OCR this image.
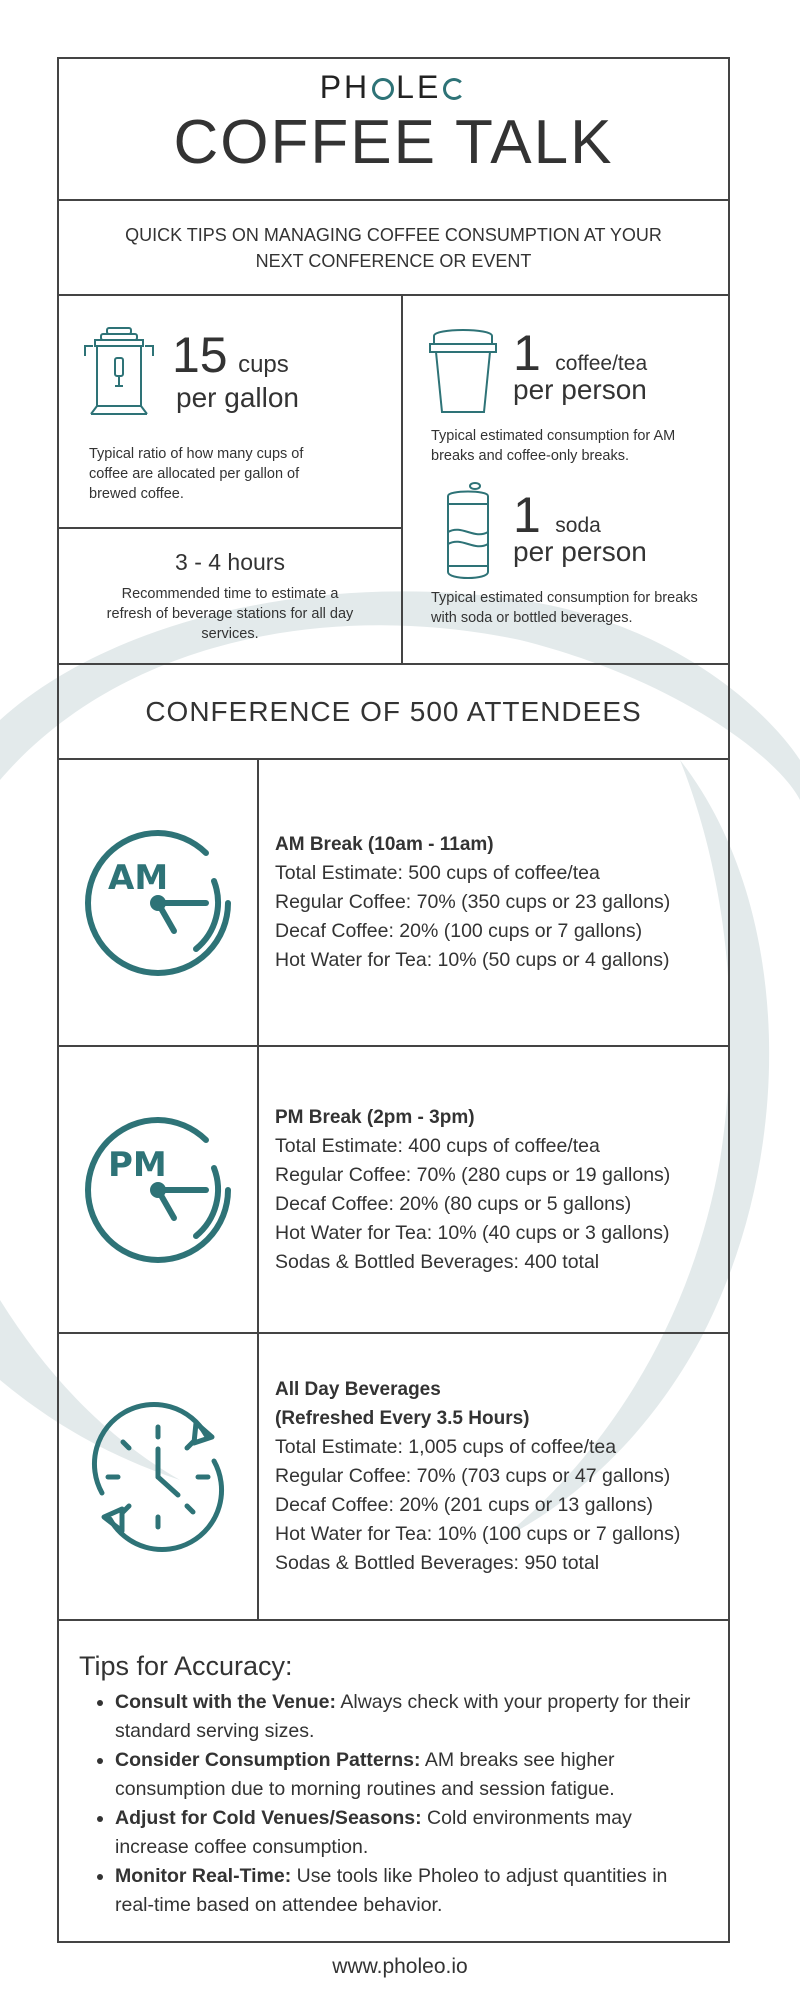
PH LE
COFFEE TALK

QUICK TIPS ON MANAGING COFFEE CONSUMPTION AT YOUR NEXT CONFERENCE OR EVENT

15 cups
per gallon
Typical ratio of how many cups of coffee are allocated per gallon of brewed coffee.
3 - 4 hours
Recommended time to estimate a refresh of beverage stations for all day services.
1 coffee/tea
per person
Typical estimated consumption for AM breaks and coffee-only breaks.
1 soda
per person
Typical estimated consumption for breaks with soda or bottled beverages.
CONFERENCE OF 500 ATTENDEES
AM
AM Break (10am - 11am)
Total Estimate: 500 cups of coffee/tea
Regular Coffee: 70% (350 cups or 23 gallons)
Decaf Coffee: 20% (100 cups or 7 gallons)
Hot Water for Tea: 10% (50 cups or 4 gallons)
PM
PM Break (2pm - 3pm)
Total Estimate: 400 cups of coffee/tea
Regular Coffee: 70% (280 cups or 19 gallons)
Decaf Coffee: 20% (80 cups or 5 gallons)
Hot Water for Tea: 10% (40 cups or 3 gallons)
Sodas & Bottled Beverages: 400 total
All Day Beverages
(Refreshed Every 3.5 Hours)
Total Estimate: 1,005 cups of coffee/tea
Regular Coffee: 70% (703 cups or 47 gallons)
Decaf Coffee: 20% (201 cups or 13 gallons)
Hot Water for Tea: 10% (100 cups or 7 gallons)
Sodas & Bottled Beverages: 950 total
Tips for Accuracy:
• Consult with the Venue: Always check with your property for their standard serving sizes.
• Consider Consumption Patterns: AM breaks see higher consumption due to morning routines and session fatigue.
• Adjust for Cold Venues/Seasons: Cold environments may increase coffee consumption.
• Monitor Real-Time: Use tools like Pholeo to adjust quantities in real-time based on attendee behavior.
www.pholeo.io
